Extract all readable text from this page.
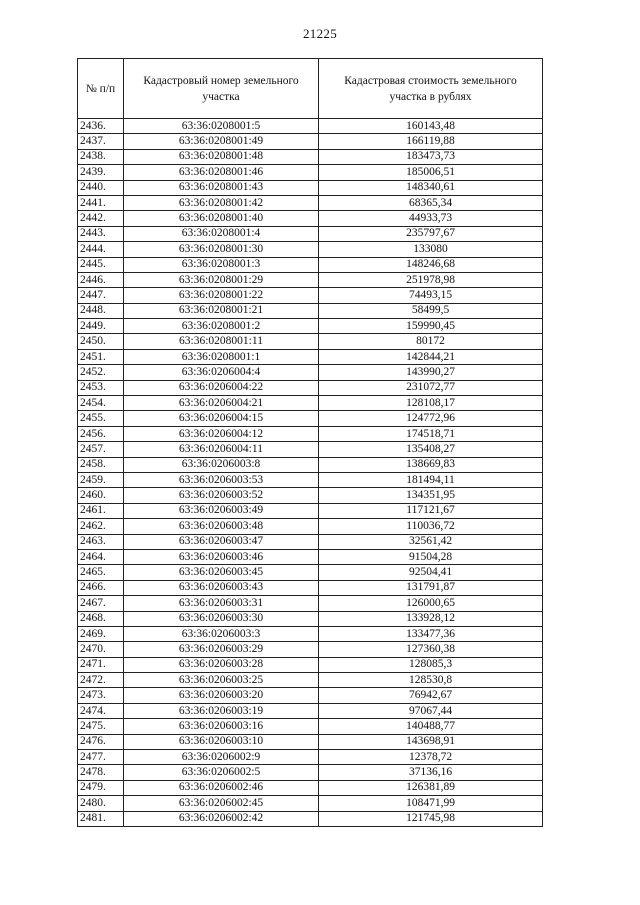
21225
№ п/п	Кадастровый номер земельного участка	Кадастровая стоимость земельного участка в рублях
2436.	63:36:0208001:5	160143,48
2437.	63:36:0208001:49	166119,88
2438.	63:36:0208001:48	183473,73
2439.	63:36:0208001:46	185006,51
2440.	63:36:0208001:43	148340,61
2441.	63:36:0208001:42	68365,34
2442.	63:36:0208001:40	44933,73
2443.	63:36:0208001:4	235797,67
2444.	63:36:0208001:30	133080
2445.	63:36:0208001:3	148246,68
2446.	63:36:0208001:29	251978,98
2447.	63:36:0208001:22	74493,15
2448.	63:36:0208001:21	58499,5
2449.	63:36:0208001:2	159990,45
2450.	63:36:0208001:11	80172
2451.	63:36:0208001:1	142844,21
2452.	63:36:0206004:4	143990,27
2453.	63:36:0206004:22	231072,77
2454.	63:36:0206004:21	128108,17
2455.	63:36:0206004:15	124772,96
2456.	63:36:0206004:12	174518,71
2457.	63:36:0206004:11	135408,27
2458.	63:36:0206003:8	138669,83
2459.	63:36:0206003:53	181494,11
2460.	63:36:0206003:52	134351,95
2461.	63:36:0206003:49	117121,67
2462.	63:36:0206003:48	110036,72
2463.	63:36:0206003:47	32561,42
2464.	63:36:0206003:46	91504,28
2465.	63:36:0206003:45	92504,41
2466.	63:36:0206003:43	131791,87
2467.	63:36:0206003:31	126000,65
2468.	63:36:0206003:30	133928,12
2469.	63:36:0206003:3	133477,36
2470.	63:36:0206003:29	127360,38
2471.	63:36:0206003:28	128085,3
2472.	63:36:0206003:25	128530,8
2473.	63:36:0206003:20	76942,67
2474.	63:36:0206003:19	97067,44
2475.	63:36:0206003:16	140488,77
2476.	63:36:0206003:10	143698,91
2477.	63:36:0206002:9	12378,72
2478.	63:36:0206002:5	37136,16
2479.	63:36:0206002:46	126381,89
2480.	63:36:0206002:45	108471,99
2481.	63:36:0206002:42	121745,98
